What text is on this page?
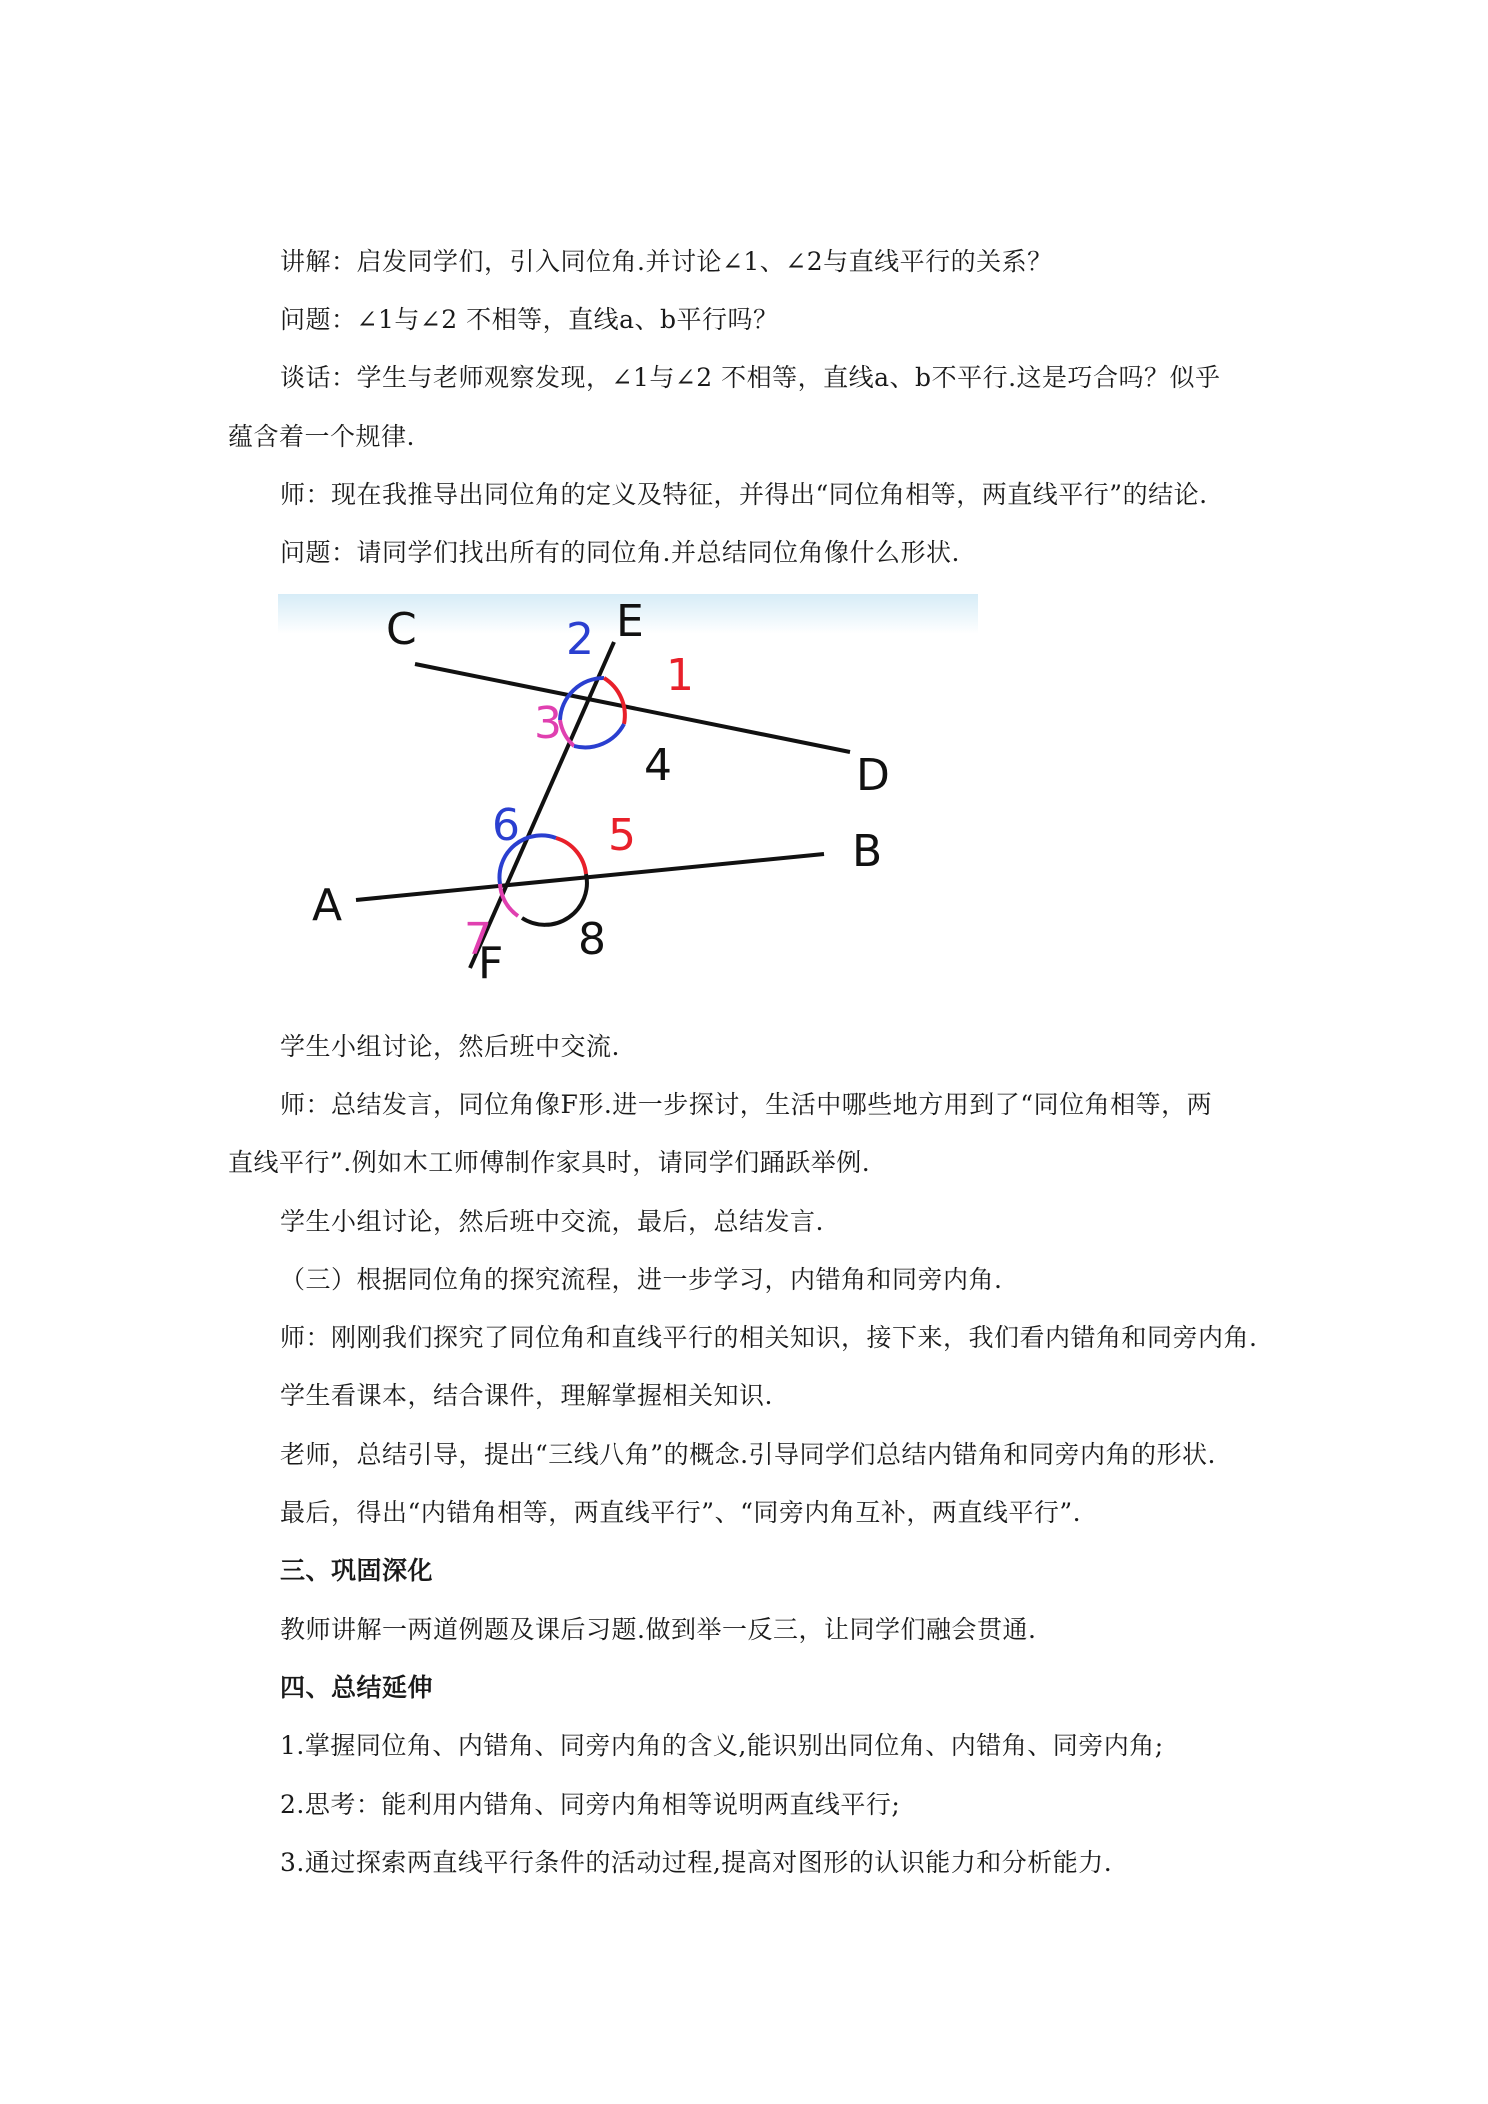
讲解：启发同学们，引入同位角.并讨论∠1、∠2与直线平行的关系？
问题：∠1与∠2 不相等，直线a、b平行吗？
谈话：学生与老师观察发现，∠1与∠2 不相等，直线a、b不平行.这是巧合吗？似乎
蕴含着一个规律.
师：现在我推导出同位角的定义及特征，并得出“同位角相等，两直线平行”的结论.
问题：请同学们找出所有的同位角.并总结同位角像什么形状.
C	E
D
B
A
F
2
1
3
4
6 5
7 8
学生小组讨论，然后班中交流.
师：总结发言，同位角像F形.进一步探讨，生活中哪些地方用到了“同位角相等，两
直线平行”.例如木工师傅制作家具时，请同学们踊跃举例.
学生小组讨论，然后班中交流，最后，总结发言.
（三）根据同位角的探究流程，进一步学习，内错角和同旁内角.
师：刚刚我们探究了同位角和直线平行的相关知识，接下来，我们看内错角和同旁内角.
学生看课本，结合课件，理解掌握相关知识.
老师，总结引导，提出“三线八角”的概念.引导同学们总结内错角和同旁内角的形状.
最后，得出“内错角相等，两直线平行”、“同旁内角互补，两直线平行”.
三、巩固深化
教师讲解一两道例题及课后习题.做到举一反三，让同学们融会贯通.
四、总结延伸
1.掌握同位角、内错角、同旁内角的含义,能识别出同位角、内错角、同旁内角;
2.思考：能利用内错角、同旁内角相等说明两直线平行;
3.通过探索两直线平行条件的活动过程,提高对图形的认识能力和分析能力.
